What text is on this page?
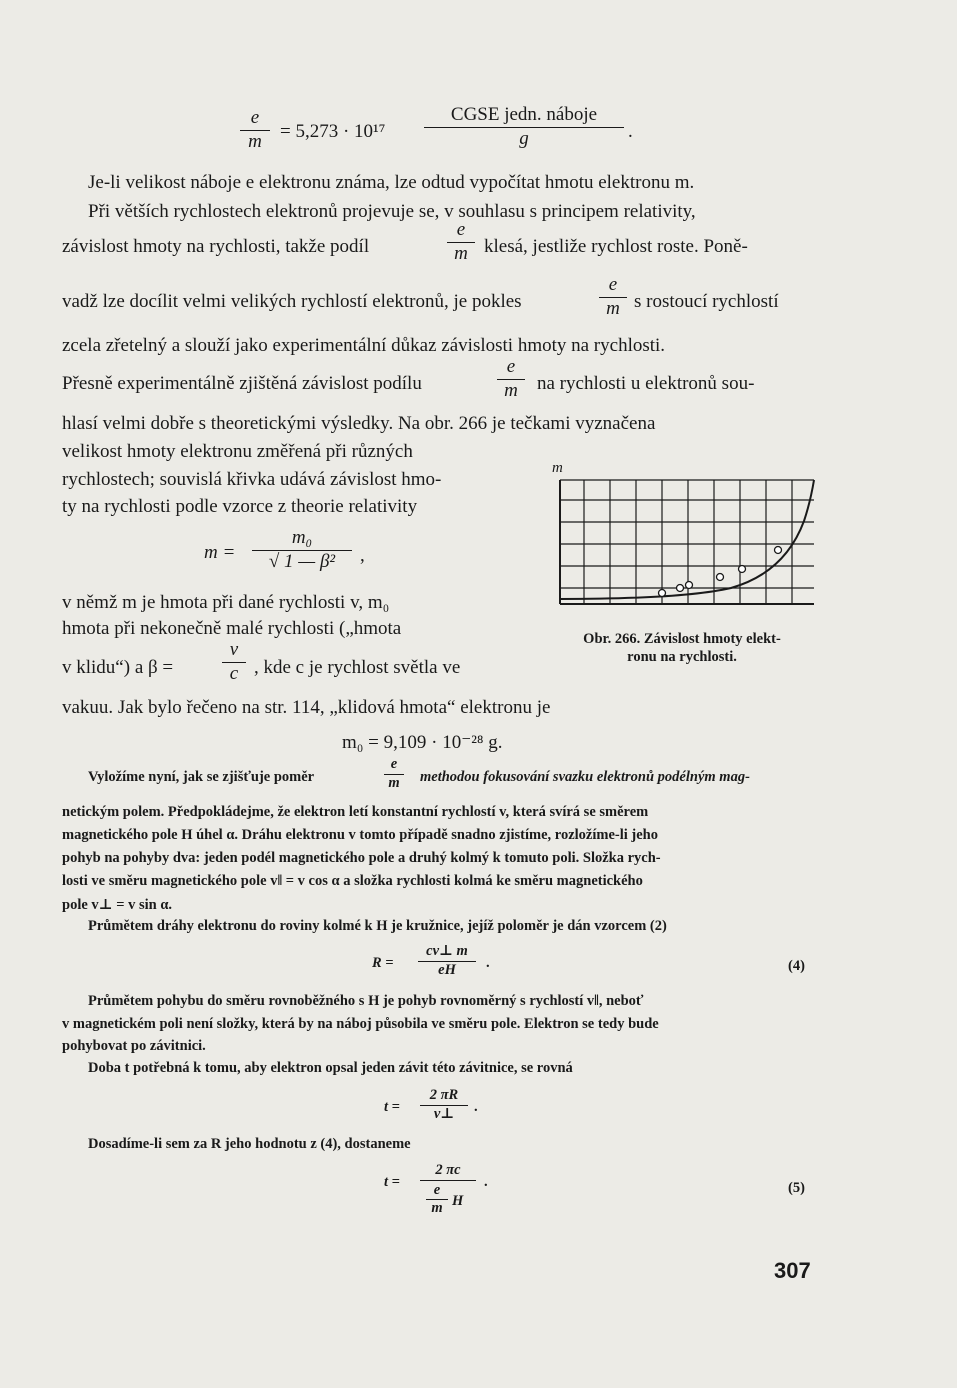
e
m = 5,273 · 10¹⁷
CGSE jedn. náboje
g	.
Je-li velikost náboje e elektronu známa, lze odtud vypočítat hmotu elektronu m.
Při větších rychlostech elektronů projevuje se, v souhlasu s principem relativity,
závislost hmoty na rychlosti, takže podíl
e
m klesá, jestliže rychlost roste. Poně-
vadž lze docílit velmi velikých rychlostí elektronů, je pokles
e
m s rostoucí rychlostí
zcela zřetelný a slouží jako experimentální důkaz závislosti hmoty na rychlosti.
Přesně experimentálně zjištěná závislost podílu
e
m	na rychlosti u elektronů sou-
hlasí velmi dobře s theoretickými výsledky. Na obr. 266 je tečkami vyznačena
velikost hmoty elektronu změřená při různých
rychlostech; souvislá křivka udává závislost hmo-
ty na rychlosti podle vzorce z theorie relativity
m =
m₀
√ 1 — β²	,
v němž m je hmota při dané rychlosti v, m₀
hmota při nekonečně malé rychlosti („hmota
v klidu“) a β =
v
c , kde c je rychlost světla ve
vakuu. Jak bylo řečeno na str. 114, „klidová hmota“ elektronu je
m₀ = 9,109 · 10⁻²⁸ g.
m
Obr. 266. Závislost hmoty elekt-
ronu na rychlosti.
Vyložíme nyní, jak se zjišťuje poměr
e
m	methodou fokusování svazku elektronů podélným mag-
netickým polem. Předpokládejme, že elektron letí konstantní rychlostí v, která svírá se směrem
magnetického pole H úhel α. Dráhu elektronu v tomto případě snadno zjistíme, rozložíme-li jeho
pohyb na pohyby dva: jeden podél magnetického pole a druhý kolmý k tomuto poli. Složka rych-
losti ve směru magnetického pole v‖ = v cos α a složka rychlosti kolmá ke směru magnetického
pole v⊥ = v sin α.
Průmětem dráhy elektronu do roviny kolmé k H je kružnice, jejíž poloměr je dán vzorcem (2)
R =
cv⊥ m
eH	.	(4)
Průmětem pohybu do směru rovnoběžného s H je pohyb rovnoměrný s rychlostí v‖, neboť
v magnetickém poli není složky, která by na náboj působila ve směru pole. Elektron se tedy bude
pohybovat po závitnici.
Doba t potřebná k tomu, aby elektron opsal jeden závit této závitnice, se rovná
t =
2 πR
v⊥	.
Dosadíme-li sem za R jeho hodnotu z (4), dostaneme
t =
2 πc
e
m H
.	(5)
307
